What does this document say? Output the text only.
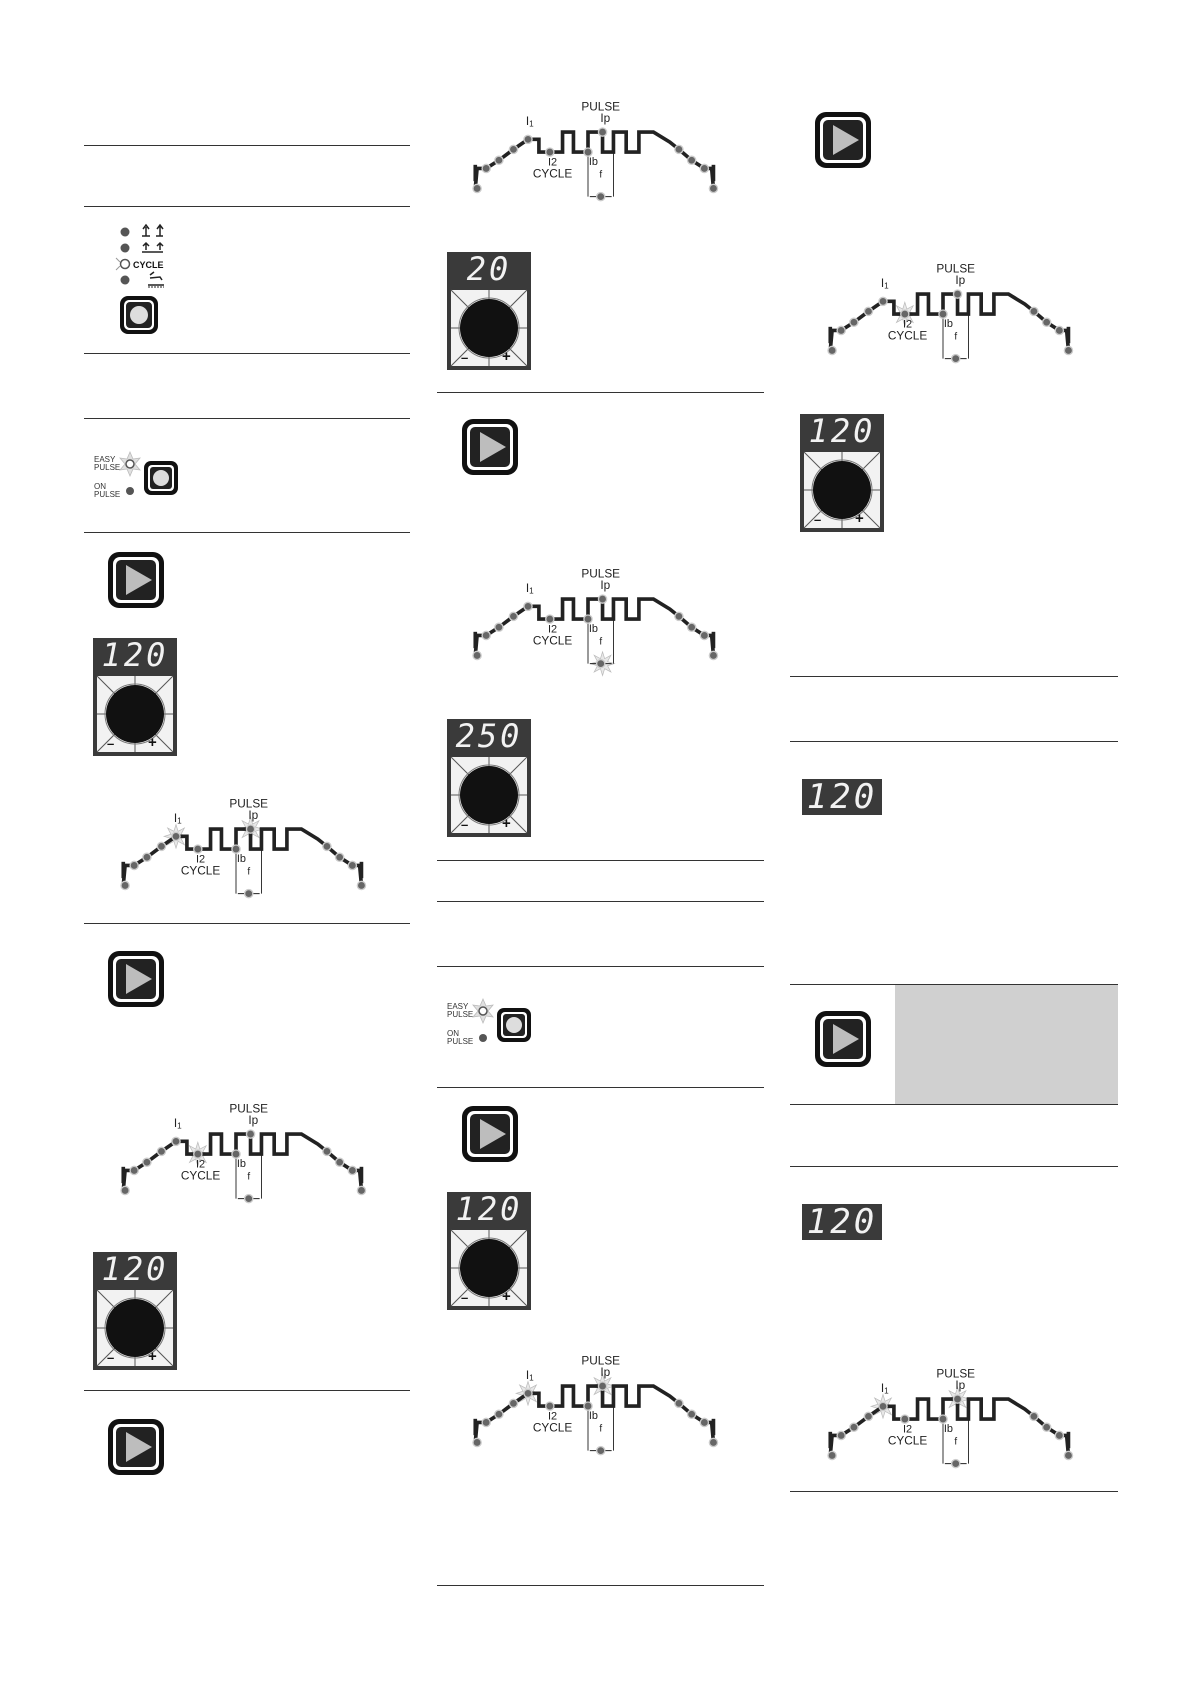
CYCLE
EASY
PULSE
ON
PULSE
120
– +
I1
PULSE
Ip
I2
CYCLE
Ib
f
I1
PULSE
Ip
I2
CYCLE
Ib
f
120
– +
I1
PULSE
Ip
I2
CYCLE
Ib
f
20
– +
I1
PULSE
Ip
I2
CYCLE
Ib
f
250
– +
EASY
PULSE
ON
PULSE
120
– +
I1
PULSE
Ip
I2
CYCLE
Ib
f
I1
PULSE
Ip
I2
CYCLE
Ib
f
120
– +
120
120
I1
PULSE
Ip
I2
CYCLE
Ib
f
